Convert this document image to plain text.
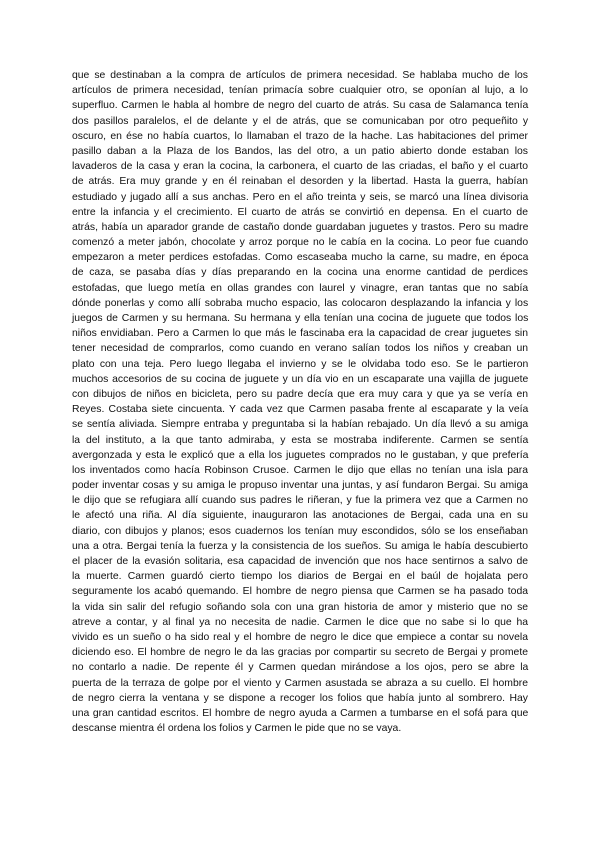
que se destinaban a la compra de artículos de primera necesidad. Se hablaba mucho de los
artículos de primera necesidad, tenían primacía sobre cualquier otro, se oponían al lujo, a lo
superfluo. Carmen le habla al hombre de negro del cuarto de atrás. Su casa de Salamanca tenía
dos pasillos paralelos, el de delante y el de atrás, que se comunicaban por otro pequeñito y
oscuro, en ése no había cuartos, lo llamaban el trazo de la hache. Las habitaciones del primer
pasillo daban a la Plaza de los Bandos, las del otro, a un patio abierto donde estaban los
lavaderos de la casa y eran la cocina, la carbonera, el cuarto de las criadas, el baño y el cuarto
de atrás. Era muy grande y en él reinaban el desorden y la libertad. Hasta la guerra, habían
estudiado y jugado allí a sus anchas. Pero en el año treinta y seis, se marcó una línea divisoria
entre la infancia y el crecimiento. El cuarto de atrás se convirtió en depensa. En el cuarto de
atrás, había un aparador grande de castaño donde guardaban juguetes y trastos. Pero su madre
comenzó a meter jabón, chocolate y arroz porque no le cabía en la cocina. Lo peor fue cuando
empezaron a meter perdices estofadas. Como escaseaba mucho la carne, su madre, en época
de caza, se pasaba días y días preparando en la cocina una enorme cantidad de perdices
estofadas, que luego metía en ollas grandes con laurel y vinagre, eran tantas que no sabía
dónde ponerlas y como allí sobraba mucho espacio, las colocaron desplazando la infancia y los
juegos de Carmen y su hermana. Su hermana y ella tenían una cocina de juguete que todos los
niños envidiaban. Pero a Carmen lo que más le fascinaba era la capacidad de crear juguetes sin
tener necesidad de comprarlos, como cuando en verano salían todos los niños y creaban un
plato con una teja. Pero luego llegaba el invierno y se le olvidaba todo eso. Se le partieron
muchos accesorios de su cocina de juguete y un día vio en un escaparate una vajilla de juguete
con dibujos de niños en bicicleta, pero su padre decía que era muy cara y que ya se vería en
Reyes. Costaba siete cincuenta. Y cada vez que Carmen pasaba frente al escaparate y la veía
se sentía aliviada. Siempre entraba y preguntaba si la habían rebajado. Un día llevó a su amiga
la del instituto, a la que tanto admiraba, y esta se mostraba indiferente. Carmen se sentía
avergonzada y esta le explicó que a ella los juguetes comprados no le gustaban, y que prefería
los inventados como hacía Robinson Crusoe. Carmen le dijo que ellas no tenían una isla para
poder inventar cosas y su amiga le propuso inventar una juntas, y así fundaron Bergai. Su amiga
le dijo que se refugiara allí cuando sus padres le riñeran, y fue la primera vez que a Carmen no
le afectó una riña. Al día siguiente, inauguraron las anotaciones de Bergai, cada una en su
diario, con dibujos y planos; esos cuadernos los tenían muy escondidos, sólo se los enseñaban
una a otra. Bergai tenía la fuerza y la consistencia de los sueños. Su amiga le había descubierto
el placer de la evasión solitaria, esa capacidad de invención que nos hace sentirnos a salvo de
la muerte. Carmen guardó cierto tiempo los diarios de Bergai en el baúl de hojalata pero
seguramente los acabó quemando. El hombre de negro piensa que Carmen se ha pasado toda
la vida sin salir del refugio soñando sola con una gran historia de amor y misterio que no se
atreve a contar, y al final ya no necesita de nadie. Carmen le dice que no sabe si lo que ha
vivido es un sueño o ha sido real y el hombre de negro le dice que empiece a contar su novela
diciendo eso. El hombre de negro le da las gracias por compartir su secreto de Bergai y promete
no contarlo a nadie. De repente él y Carmen quedan mirándose a los ojos, pero se abre la
puerta de la terraza de golpe por el viento y Carmen asustada se abraza a su cuello. El hombre
de negro cierra la ventana y se dispone a recoger los folios que había junto al sombrero. Hay
una gran cantidad escritos. El hombre de negro ayuda a Carmen a tumbarse en el sofá para que
descanse mientra él ordena los folios y Carmen le pide que no se vaya.
